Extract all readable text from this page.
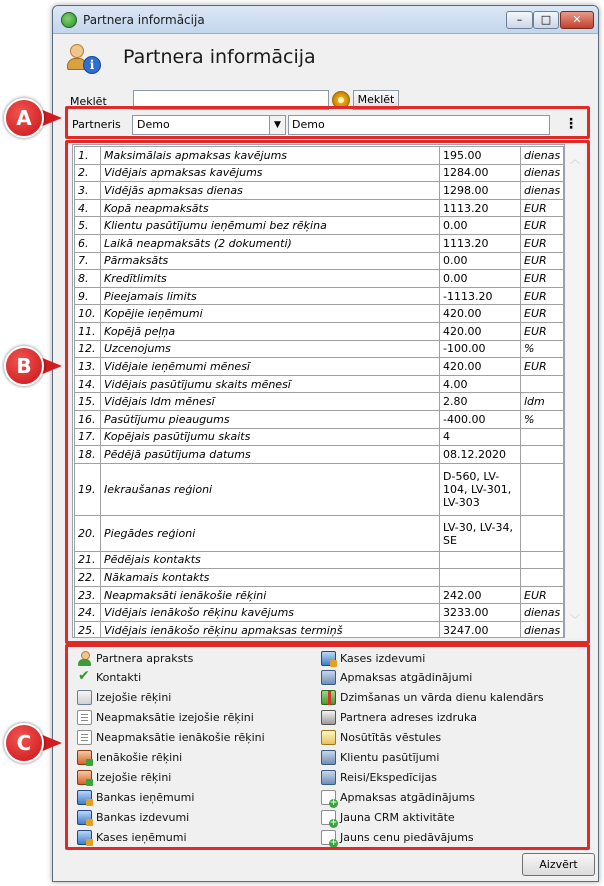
Partnera informācija	–	□	✕
i	Partnera informācija
Meklēt	Meklēt
Partneris	Demo	▼	Demo	⋮
1.	Maksimālais apmaksas kavējums	195.00	dienas
2.	Vidējais apmaksas kavējums	1284.00	dienas
3.	Vidējās apmaksas dienas	1298.00	dienas
4.	Kopā neapmaksāts	1113.20	EUR
5.	Klientu pasūtījumu ieņēmumi bez rēķina	0.00	EUR
6.	Laikā neapmaksāts (2 dokumenti)	1113.20	EUR
7.	Pārmaksāts	0.00	EUR
8.	Kredītlimits	0.00	EUR
9.	Pieejamais limits	-1113.20	EUR
10.	Kopējie ieņēmumi	420.00	EUR
11.	Kopējā peļņa	420.00	EUR
12.	Uzcenojums	-100.00	%
13.	Vidējaie ieņēmumi mēnesī	420.00	EUR
14.	Vidējais pasūtījumu skaits mēnesī	4.00	
15.	Vidējais ldm mēnesī	2.80	ldm
16.	Pasūtījumu pieaugums	-400.00	%
17.	Kopējais pasūtījumu skaits	4	
18.	Pēdējā pasūtījuma datums	08.12.2020	
19.	Iekraušanas reģioni	D-560, LV-104, LV-301, LV-303	
20.	Piegādes reģioni	LV-30, LV-34, SE	
21.	Pēdējais kontakts		
22.	Nākamais kontakts		
23.	Neapmaksāti ienākošie rēķini	242.00	EUR
24.	Vidējais ienākošo rēķinu kavējums	3233.00	dienas
25.	Vidējais ienākošo rēķinu apmaksas termiņš	3247.00	dienas
︿
﹀
Partnera apraksts
✔
Kontakti
Izejošie rēķini
Neapmaksātie izejošie rēķini
Neapmaksātie ienākošie rēķini
Ienākošie rēķini
Izejošie rēķini
Bankas ieņēmumi
Bankas izdevumi
Kases ieņēmumi
Kases izdevumi
Apmaksas atgādinājumi
Dzimšanas un vārda dienu kalendārs
Partnera adreses izdruka
Nosūtītās vēstules
Klientu pasūtījumi
Reisi/Ekspedīcijas
+
Apmaksas atgādinājums
+
Jauna CRM aktivitāte
+
Jauns cenu piedāvājums
Aizvērt
A
B
C
